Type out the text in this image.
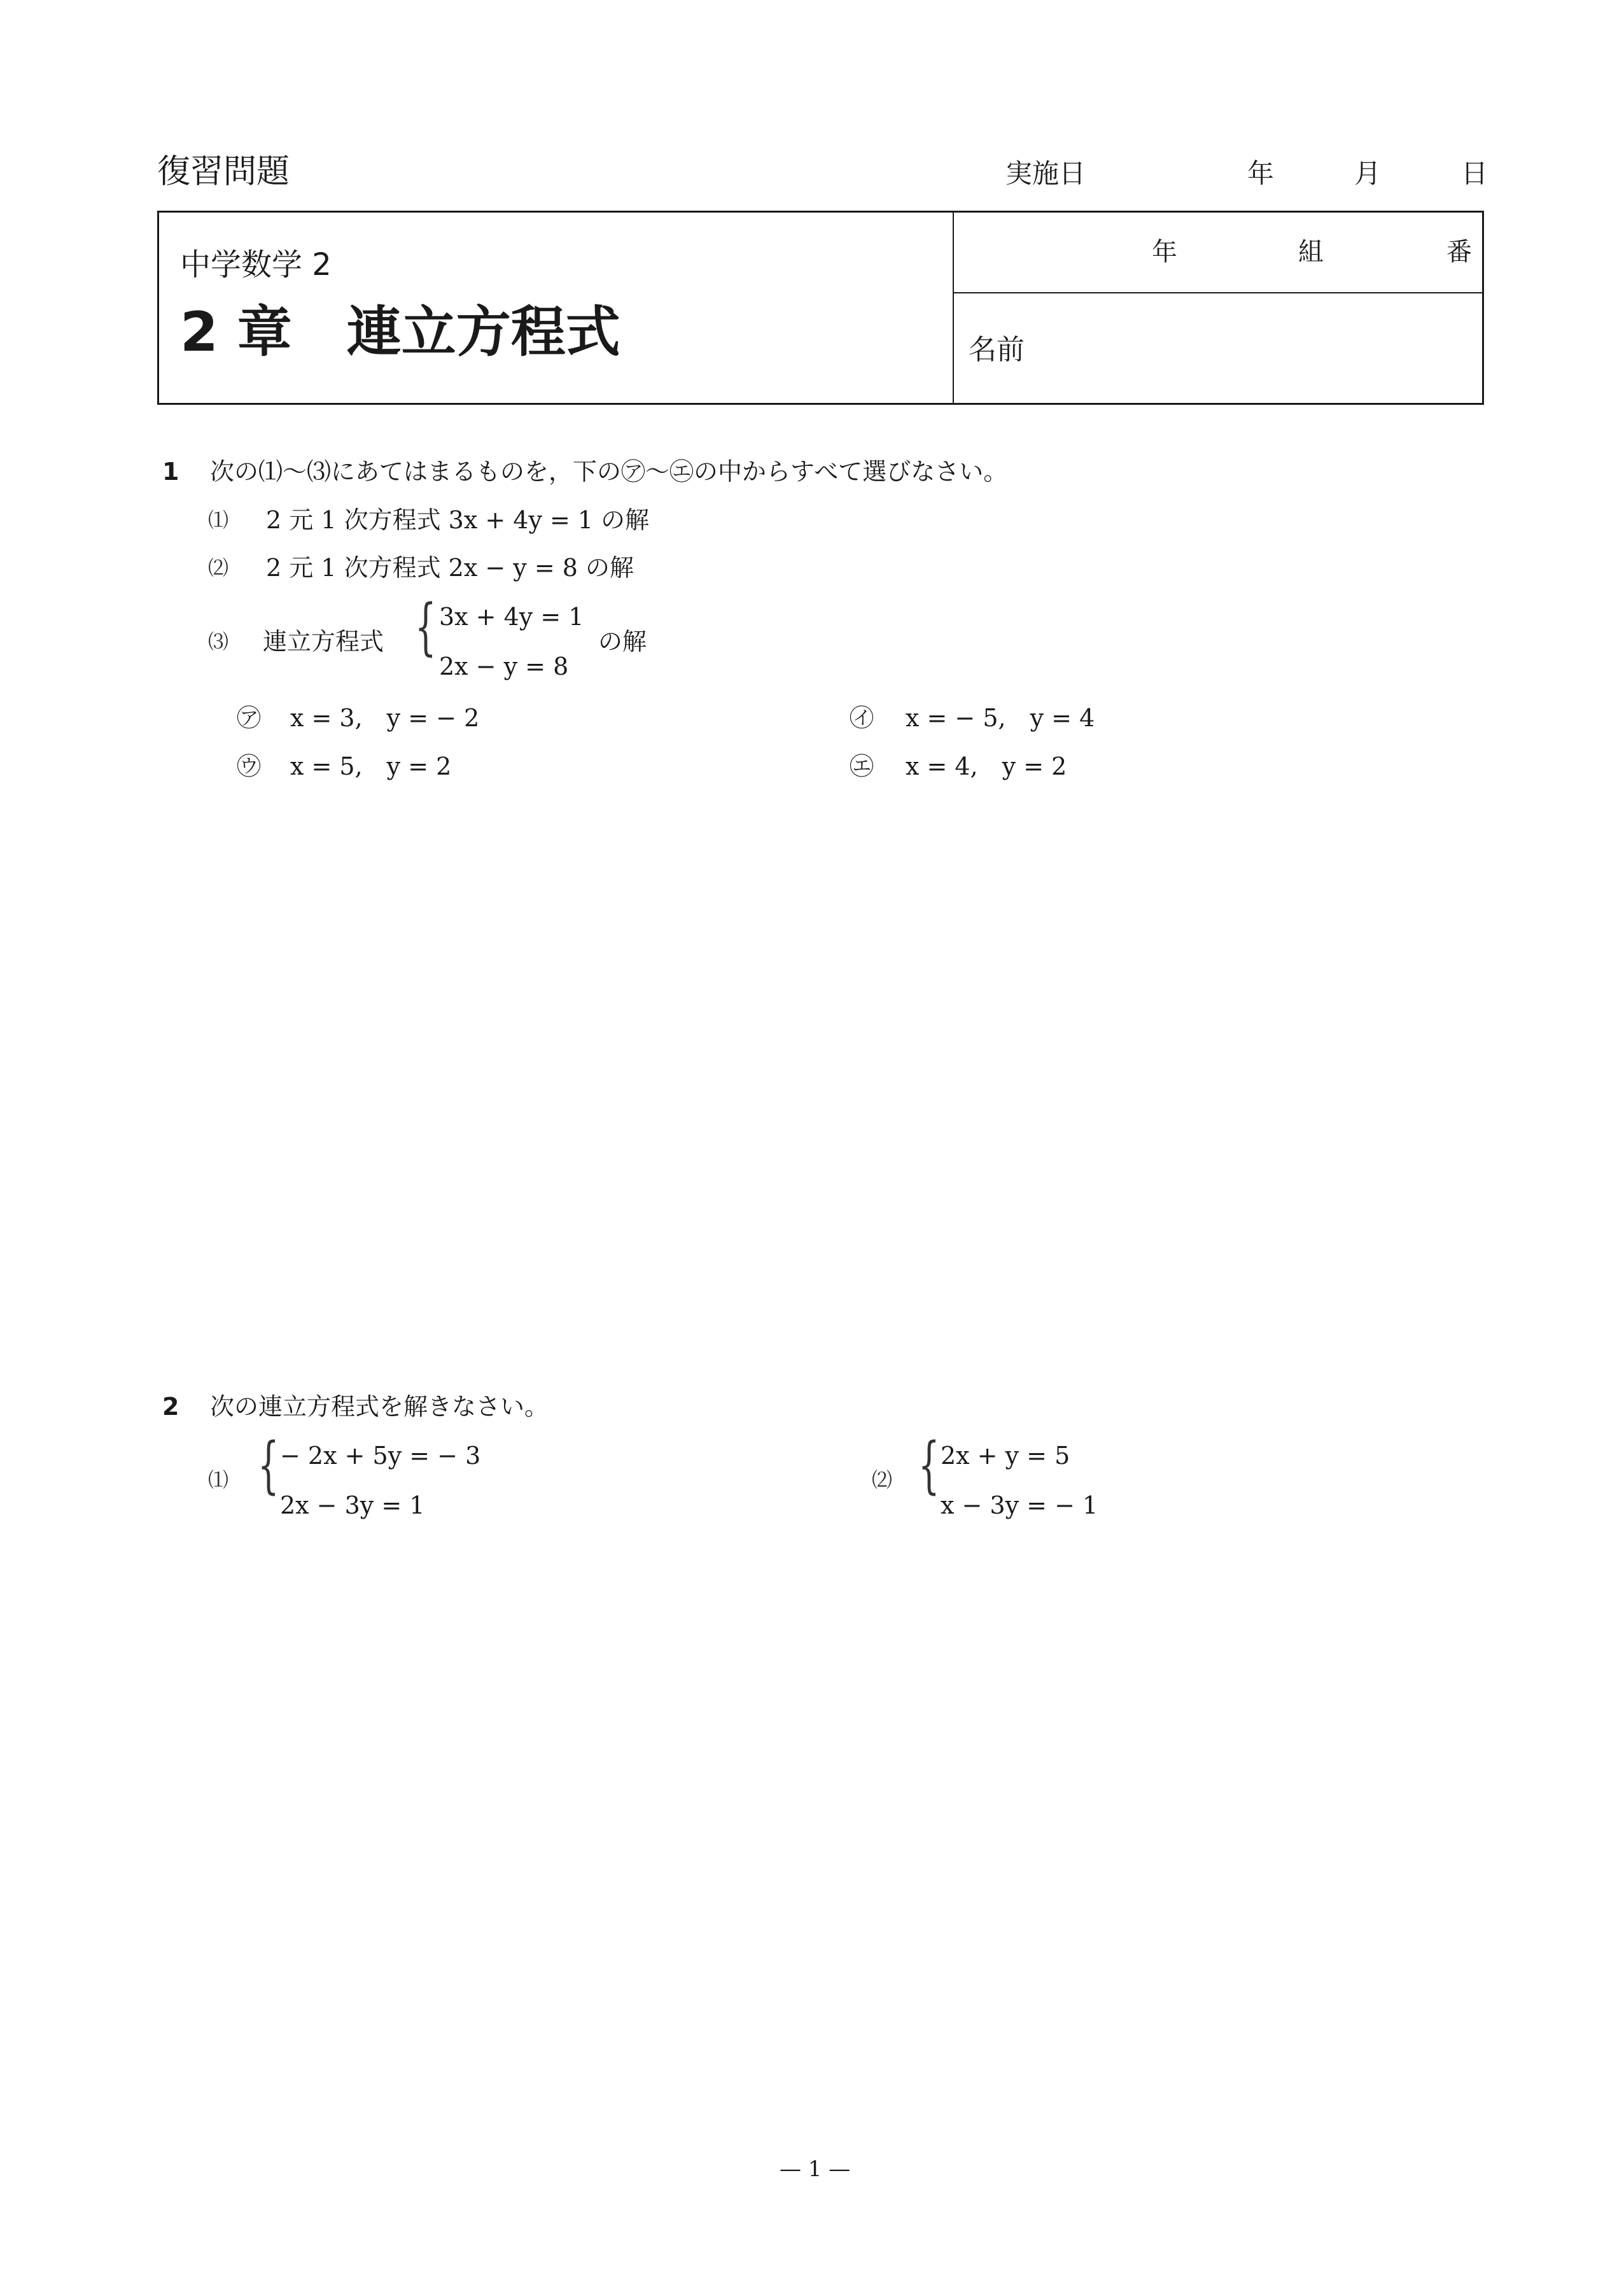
復習問題	実施日	年	月	日
中学数学 2
2 章　連立方程式
年	組	番
名前
1 次の⑴〜⑶にあてはまるものを，下の㋐〜㋓の中からすべて選びなさい。
⑴ 2 元 1 次方程式 3x + 4y = 1 の解
⑵ 2 元 1 次方程式 2x − y = 8 の解
⑶ 連立方程式 { 3x + 4y = 1
2x − y = 8
の解
㋐ x = 3,　y = − 2	㋑ x = − 5,　y = 4
㋒ x = 5,　y = 2	㋓ x = 4,　y = 2
2 次の連立方程式を解きなさい。
⑴ { − 2x + 5y = − 3
2x − 3y = 1
⑵ { 2x + y = 5
x − 3y = − 1
— 1 —
